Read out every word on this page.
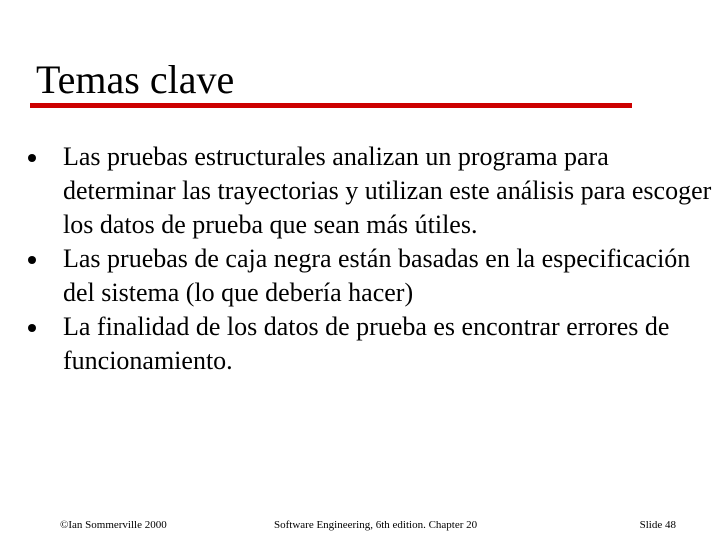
Temas clave
Las pruebas estructurales analizan un programa para determinar las trayectorias y utilizan este análisis para escoger los datos de prueba que sean más útiles.
Las pruebas de caja negra están basadas en la especificación del sistema (lo que debería hacer)
La finalidad de los datos de prueba es encontrar errores de funcionamiento.
©Ian Sommerville 2000	Software Engineering, 6th edition. Chapter 20	Slide 48
